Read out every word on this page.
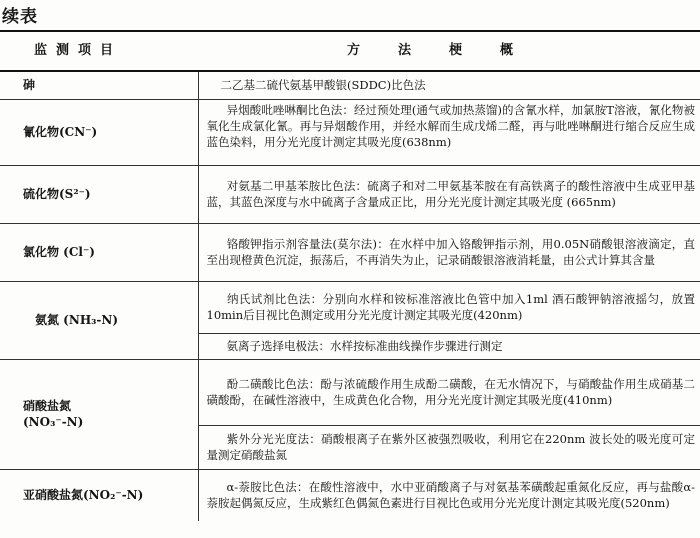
续表
监测项目	方法梗概
砷	二乙基二硫代氨基甲酸银(SDDC)比色法
氰化物(CN⁻)	异烟酸吡唑啉酮比色法：经过预处理(通气或加热蒸馏)的含氰水样，加氯胺T溶液，氰化物被氧化生成氯化氰。再与异烟酸作用，并经水解而生成戊烯二醛，再与吡唑啉酮进行缩合反应生成蓝色染料，用分光光度计测定其吸光度(638nm)
硫化物(S²⁻)	对氨基二甲基苯胺比色法：硫离子和对二甲氨基苯胺在有高铁离子的酸性溶液中生成亚甲基蓝，其蓝色深度与水中硫离子含量成正比，用分光光度计测定其吸光度 (665nm)
氯化物 (Cl⁻)	铬酸钾指示剂容量法(莫尔法)：在水样中加入铬酸钾指示剂，用0.05N硝酸银溶液滴定，直至出现橙黄色沉淀，振荡后，不再消失为止，记录硝酸银溶液消耗量，由公式计算其含量
氨氮 (NH₃-N)	纳氏试剂比色法：分别向水样和铵标准溶液比色管中加入1ml 酒石酸钾钠溶液摇匀，放置10min后目视比色测定或用分光光度计测定其吸光度(420nm)
	氨离子选择电极法：水样按标准曲线操作步骤进行测定

硝酸盐氮
(NO₃⁻-N)	酚二磺酸比色法：酚与浓硫酸作用生成酚二磺酸，在无水情况下，与硝酸盐作用生成硝基二磺酸酚，在碱性溶液中，生成黄色化合物，用分光光度计测定其吸光度(410nm)
	紫外分光光度法：硝酸根离子在紫外区被强烈吸收，利用它在220nm 波长处的吸光度可定量测定硝酸盐氮
亚硝酸盐氮(NO₂⁻-N)	α-萘胺比色法：在酸性溶液中，水中亚硝酸离子与对氨基苯磺酸起重氮化反应，再与盐酸α-萘胺起偶氮反应，生成紫红色偶氮色素进行目视比色或用分光光度计测定其吸光度(520nm)
